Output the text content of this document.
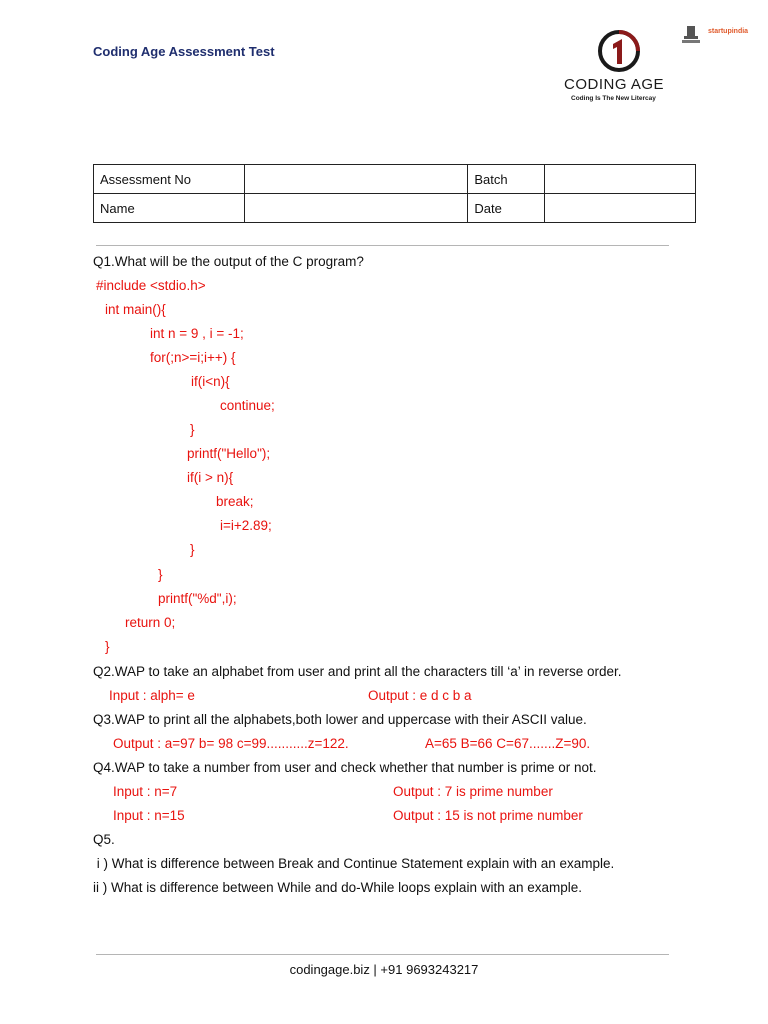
Coding Age Assessment Test
CODING AGE
Coding Is The New Litercay
startupindia
Assessment No		Batch	
Name		Date	
Q1.What will be the output of the C program?
#include <stdio.h>
int main(){
int n = 9 , i = -1;
for(;n>=i;i++) {
if(i<n){
continue;
}
printf("Hello");
if(i > n){
break;
i=i+2.89;
}
}
printf("%d",i);
return 0;
}
Q2.WAP to take an alphabet from user and print all the characters till ‘a’ in reverse order.
Input : alph= e	Output : e d c b a
Q3.WAP to print all the alphabets,both lower and uppercase with their ASCII value.
Output : a=97 b= 98 c=99...........z=122.	A=65 B=66 C=67.......Z=90.
Q4.WAP to take a number from user and check whether that number is prime or not.
Input : n=7	Output : 7 is prime number
Input : n=15	Output : 15 is not prime number
Q5.
i ) What is difference between Break and Continue Statement explain with an example.
ii ) What is difference between While and do-While loops explain with an example.
codingage.biz | +91 9693243217
